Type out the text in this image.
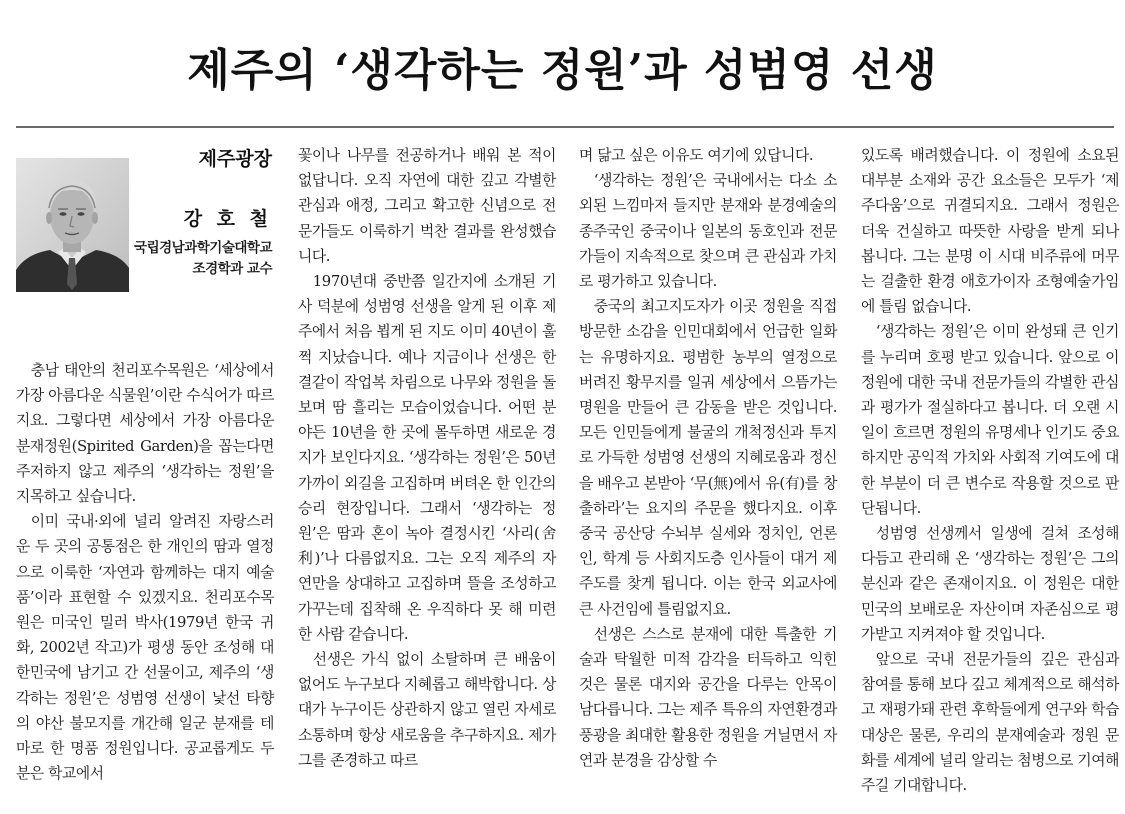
제주의 ‘생각하는 정원’과 성범영 선생
제주광장
강 호 철
국립경남과학기술대학교
조경학과 교수

충남 태안의 천리포수목원은 ‘세상에서 가장 아름다운 식물원’이란 수식어가 따르지요. 그렇다면 세상에서 가장 아름다운 분재정원(Spirited Garden)을 꼽는다면 주저하지 않고 제주의 ‘생각하는 정원’을 지목하고 싶습니다.

이미 국내·외에 널리 알려진 자랑스러운 두 곳의 공통점은 한 개인의 땀과 열정으로 이룩한 ‘자연과 함께하는 대지 예술품’이라 표현할 수 있겠지요. 천리포수목원은 미국인 밀러 박사(1979년 한국 귀화, 2002년 작고)가 평생 동안 조성해 대한민국에 남기고 간 선물이고, 제주의 ‘생각하는 정원’은 성범영 선생이 낯선 타향의 야산 불모지를 개간해 일군 분재를 테마로 한 명품 정원입니다. 공교롭게도 두 분은 학교에서

꽃이나 나무를 전공하거나 배워 본 적이 없답니다. 오직 자연에 대한 깊고 각별한 관심과 애정, 그리고 확고한 신념으로 전문가들도 이룩하기 벅찬 결과를 완성했습니다.

1970년대 중반쯤 일간지에 소개된 기사 덕분에 성범영 선생을 알게 된 이후 제주에서 처음 뵙게 된 지도 이미 40년이 훌쩍 지났습니다. 예나 지금이나 선생은 한결같이 작업복 차림으로 나무와 정원을 돌보며 땀 흘리는 모습이었습니다. 어떤 분야든 10년을 한 곳에 몰두하면 새로운 경지가 보인다지요. ‘생각하는 정원’은 50년 가까이 외길을 고집하며 버텨온 한 인간의 승리 현장입니다. 그래서 ‘생각하는 정원’은 땀과 혼이 녹아 결정시킨 ‘사리(舍利)’나 다름없지요. 그는 오직 제주의 자연만을 상대하고 고집하며 뜰을 조성하고 가꾸는데 집착해 온 우직하다 못 해 미련한 사람 같습니다.

선생은 가식 없이 소탈하며 큰 배움이 없어도 누구보다 지혜롭고 해박합니다. 상대가 누구이든 상관하지 않고 열린 자세로 소통하며 항상 새로움을 추구하지요. 제가 그를 존경하고 따르

며 닮고 싶은 이유도 여기에 있답니다.

‘생각하는 정원’은 국내에서는 다소 소외된 느낌마저 들지만 분재와 분경예술의 종주국인 중국이나 일본의 동호인과 전문가들이 지속적으로 찾으며 큰 관심과 가치로 평가하고 있습니다.

중국의 최고지도자가 이곳 정원을 직접 방문한 소감을 인민대회에서 언급한 일화는 유명하지요. 평범한 농부의 열정으로 버려진 황무지를 일궈 세상에서 으뜸가는 명원을 만들어 큰 감동을 받은 것입니다. 모든 인민들에게 불굴의 개척정신과 투지로 가득한 성범영 선생의 지혜로움과 정신을 배우고 본받아 ‘무(無)에서 유(有)를 창출하라’는 요지의 주문을 했다지요. 이후 중국 공산당 수뇌부 실세와 정치인, 언론인, 학계 등 사회지도층 인사들이 대거 제주도를 찾게 됩니다. 이는 한국 외교사에 큰 사건임에 틀림없지요.

선생은 스스로 분재에 대한 특출한 기술과 탁월한 미적 감각을 터득하고 익힌 것은 물론 대지와 공간을 다루는 안목이 남다릅니다. 그는 제주 특유의 자연환경과 풍광을 최대한 활용한 정원을 거닐면서 자연과 분경을 감상할 수

있도록 배려했습니다. 이 정원에 소요된 대부분 소재와 공간 요소들은 모두가 ‘제주다움’으로 귀결되지요. 그래서 정원은 더욱 건실하고 따뜻한 사랑을 받게 되나 봅니다. 그는 분명 이 시대 비주류에 머무는 걸출한 환경 애호가이자 조형예술가임에 틀림 없습니다.

‘생각하는 정원’은 이미 완성돼 큰 인기를 누리며 호평 받고 있습니다. 앞으로 이 정원에 대한 국내 전문가들의 각별한 관심과 평가가 절실하다고 봅니다. 더 오랜 시일이 흐르면 정원의 유명세나 인기도 중요하지만 공익적 가치와 사회적 기여도에 대한 부분이 더 큰 변수로 작용할 것으로 판단됩니다.

성범영 선생께서 일생에 걸쳐 조성해 다듬고 관리해 온 ‘생각하는 정원’은 그의 분신과 같은 존재이지요. 이 정원은 대한민국의 보배로운 자산이며 자존심으로 평가받고 지켜져야 할 것입니다.

앞으로 국내 전문가들의 깊은 관심과 참여를 통해 보다 깊고 체계적으로 해석하고 재평가돼 관련 후학들에게 연구와 학습 대상은 물론, 우리의 분재예술과 정원 문화를 세계에 널리 알리는 첨병으로 기여해 주길 기대합니다.
